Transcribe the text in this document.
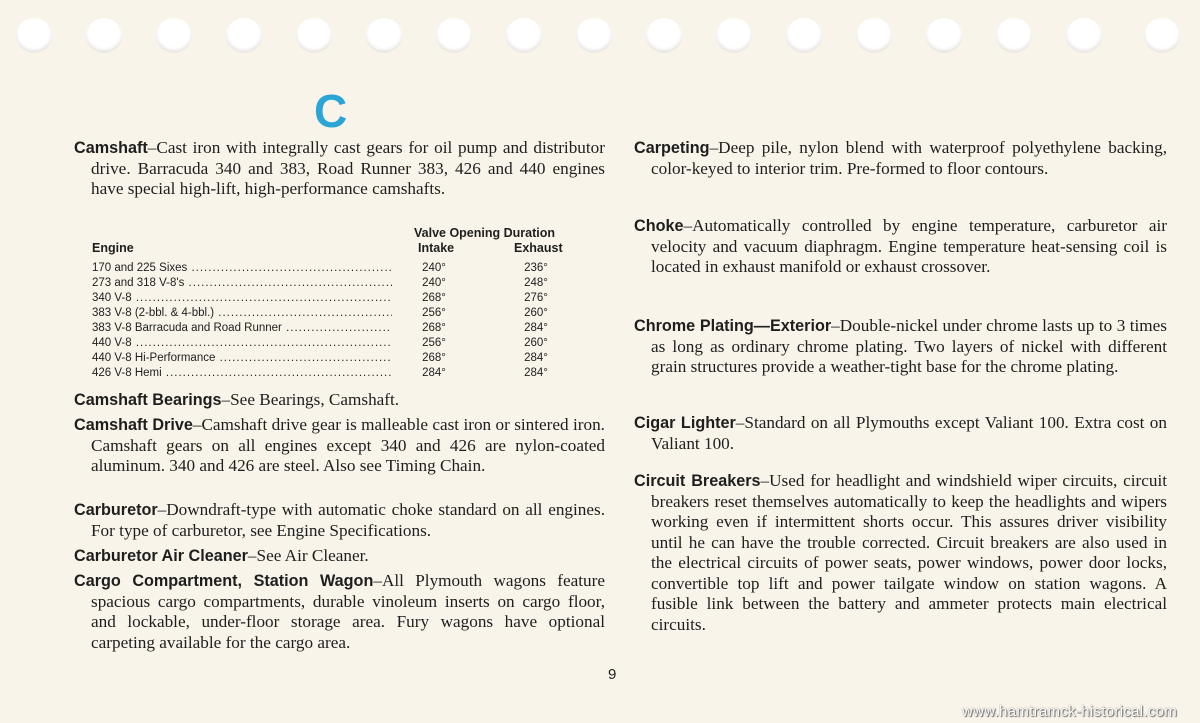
C
Camshaft–Cast iron with integrally cast gears for oil pump and distributor drive. Barracuda 340 and 383, Road Runner 383, 426 and 440 engines have special high-lift, high-performance camshafts.
Valve Opening Duration
Engine	Intake	Exhaust
170 and 225 Sixes .....	240°	236°
273 and 318 V-8's .....	240°	248°
340 V-8 .....	268°	276°
383 V-8 (2-bbl. & 4-bbl.) .....	256°	260°
383 V-8 Barracuda and Road Runner .....	268°	284°
440 V-8 .....	256°	260°
440 V-8 Hi-Performance .....	268°	284°
426 V-8 Hemi .....	284°	284°
Camshaft Bearings–See Bearings, Camshaft.
Camshaft Drive–Camshaft drive gear is malleable cast iron or sintered iron. Camshaft gears on all engines except 340 and 426 are nylon-coated aluminum. 340 and 426 are steel. Also see Timing Chain.
Carburetor–Downdraft-type with automatic choke standard on all engines. For type of carburetor, see Engine Specifications.
Carburetor Air Cleaner–See Air Cleaner.
Cargo Compartment, Station Wagon–All Plymouth wagons feature spacious cargo compartments, durable vinoleum inserts on cargo floor, and lockable, under-floor storage area. Fury wagons have optional carpeting available for the cargo area.
Carpeting–Deep pile, nylon blend with waterproof polyethylene backing, color-keyed to interior trim. Pre-formed to floor contours.
Choke–Automatically controlled by engine temperature, carburetor air velocity and vacuum diaphragm. Engine temperature heat-sensing coil is located in exhaust manifold or exhaust crossover.
Chrome Plating—Exterior–Double-nickel under chrome lasts up to 3 times as long as ordinary chrome plating. Two layers of nickel with different grain structures provide a weather-tight base for the chrome plating.
Cigar Lighter–Standard on all Plymouths except Valiant 100. Extra cost on Valiant 100.
Circuit Breakers–Used for headlight and windshield wiper circuits, circuit breakers reset themselves automatically to keep the headlights and wipers working even if intermittent shorts occur. This assures driver visibility until he can have the trouble corrected. Circuit breakers are also used in the electrical circuits of power seats, power windows, power door locks, convertible top lift and power tailgate window on station wagons. A fusible link between the battery and ammeter protects main electrical circuits.
9
www.hamtramck-historical.com
